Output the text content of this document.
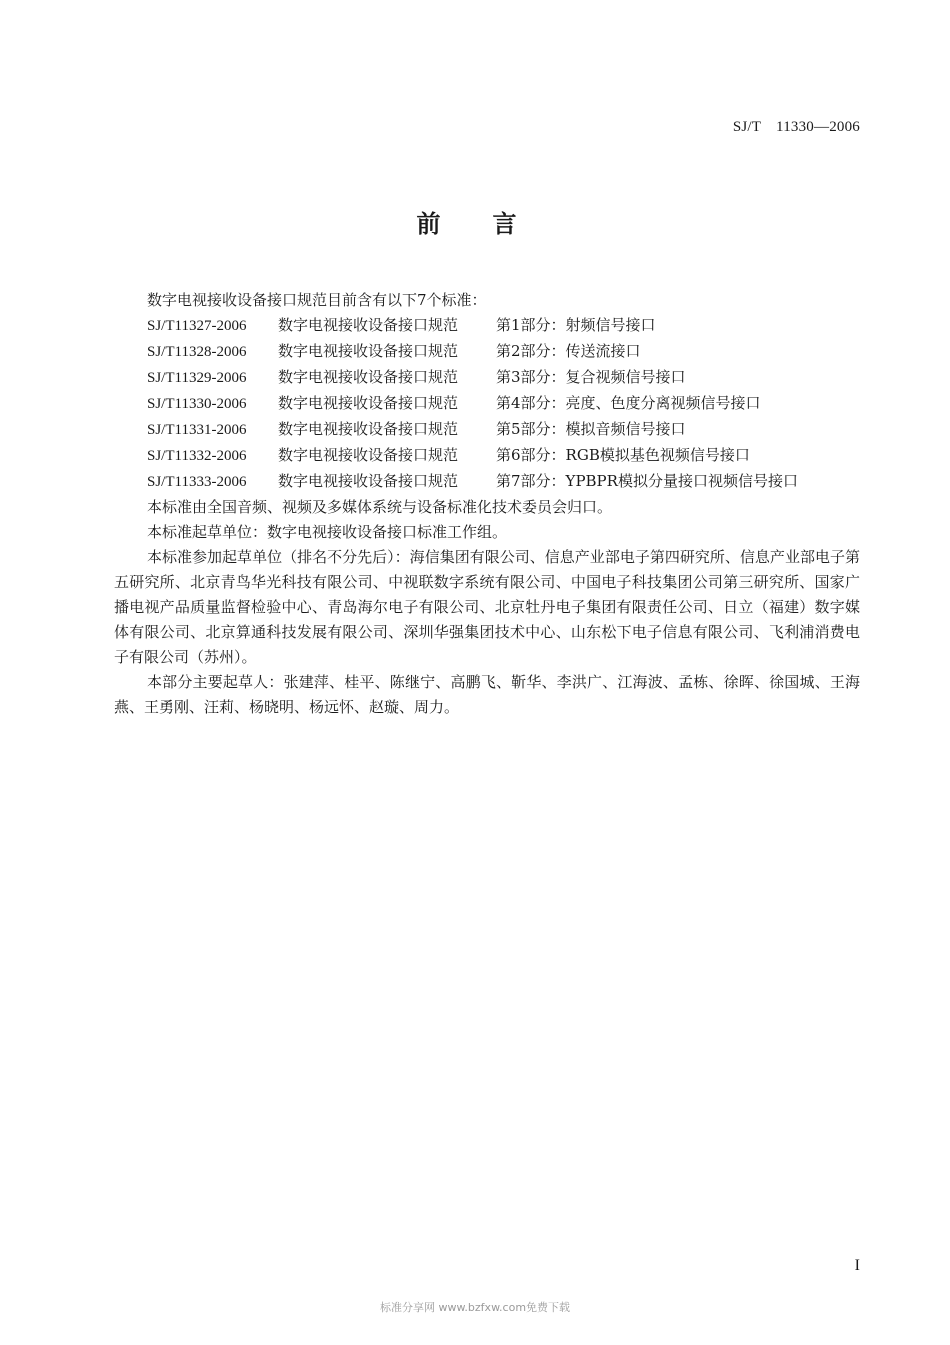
SJ/T　11330—2006
前言

数字电视接收设备接口规范目前含有以下7个标准：

SJ/T11327-2006 数字电视接收设备接口规范	第1部分：射频信号接口

SJ/T11328-2006 数字电视接收设备接口规范	第2部分：传送流接口

SJ/T11329-2006 数字电视接收设备接口规范	第3部分：复合视频信号接口

SJ/T11330-2006 数字电视接收设备接口规范	第4部分：亮度、色度分离视频信号接口

SJ/T11331-2006 数字电视接收设备接口规范	第5部分：模拟音频信号接口

SJ/T11332-2006 数字电视接收设备接口规范	第6部分：RGB模拟基色视频信号接口

SJ/T11333-2006 数字电视接收设备接口规范	第7部分：YPBPR模拟分量接口视频信号接口

本标准由全国音频、视频及多媒体系统与设备标准化技术委员会归口。

本标准起草单位：数字电视接收设备接口标准工作组。

本标准参加起草单位（排名不分先后）：海信集团有限公司、信息产业部电子第四研究所、信息产业部电子第五研究所、北京青鸟华光科技有限公司、中视联数字系统有限公司、中国电子科技集团公司第三研究所、国家广播电视产品质量监督检验中心、青岛海尔电子有限公司、北京牡丹电子集团有限责任公司、日立（福建）数字媒体有限公司、北京算通科技发展有限公司、深圳华强集团技术中心、山东松下电子信息有限公司、飞利浦消费电子有限公司（苏州）。

本部分主要起草人：张建萍、桂平、陈继宁、高鹏飞、靳华、李洪广、江海波、孟栋、徐晖、徐国城、王海燕、王勇刚、汪莉、杨晓明、杨远怀、赵璇、周力。

I
标准分享网 www.bzfxw.com免费下载
